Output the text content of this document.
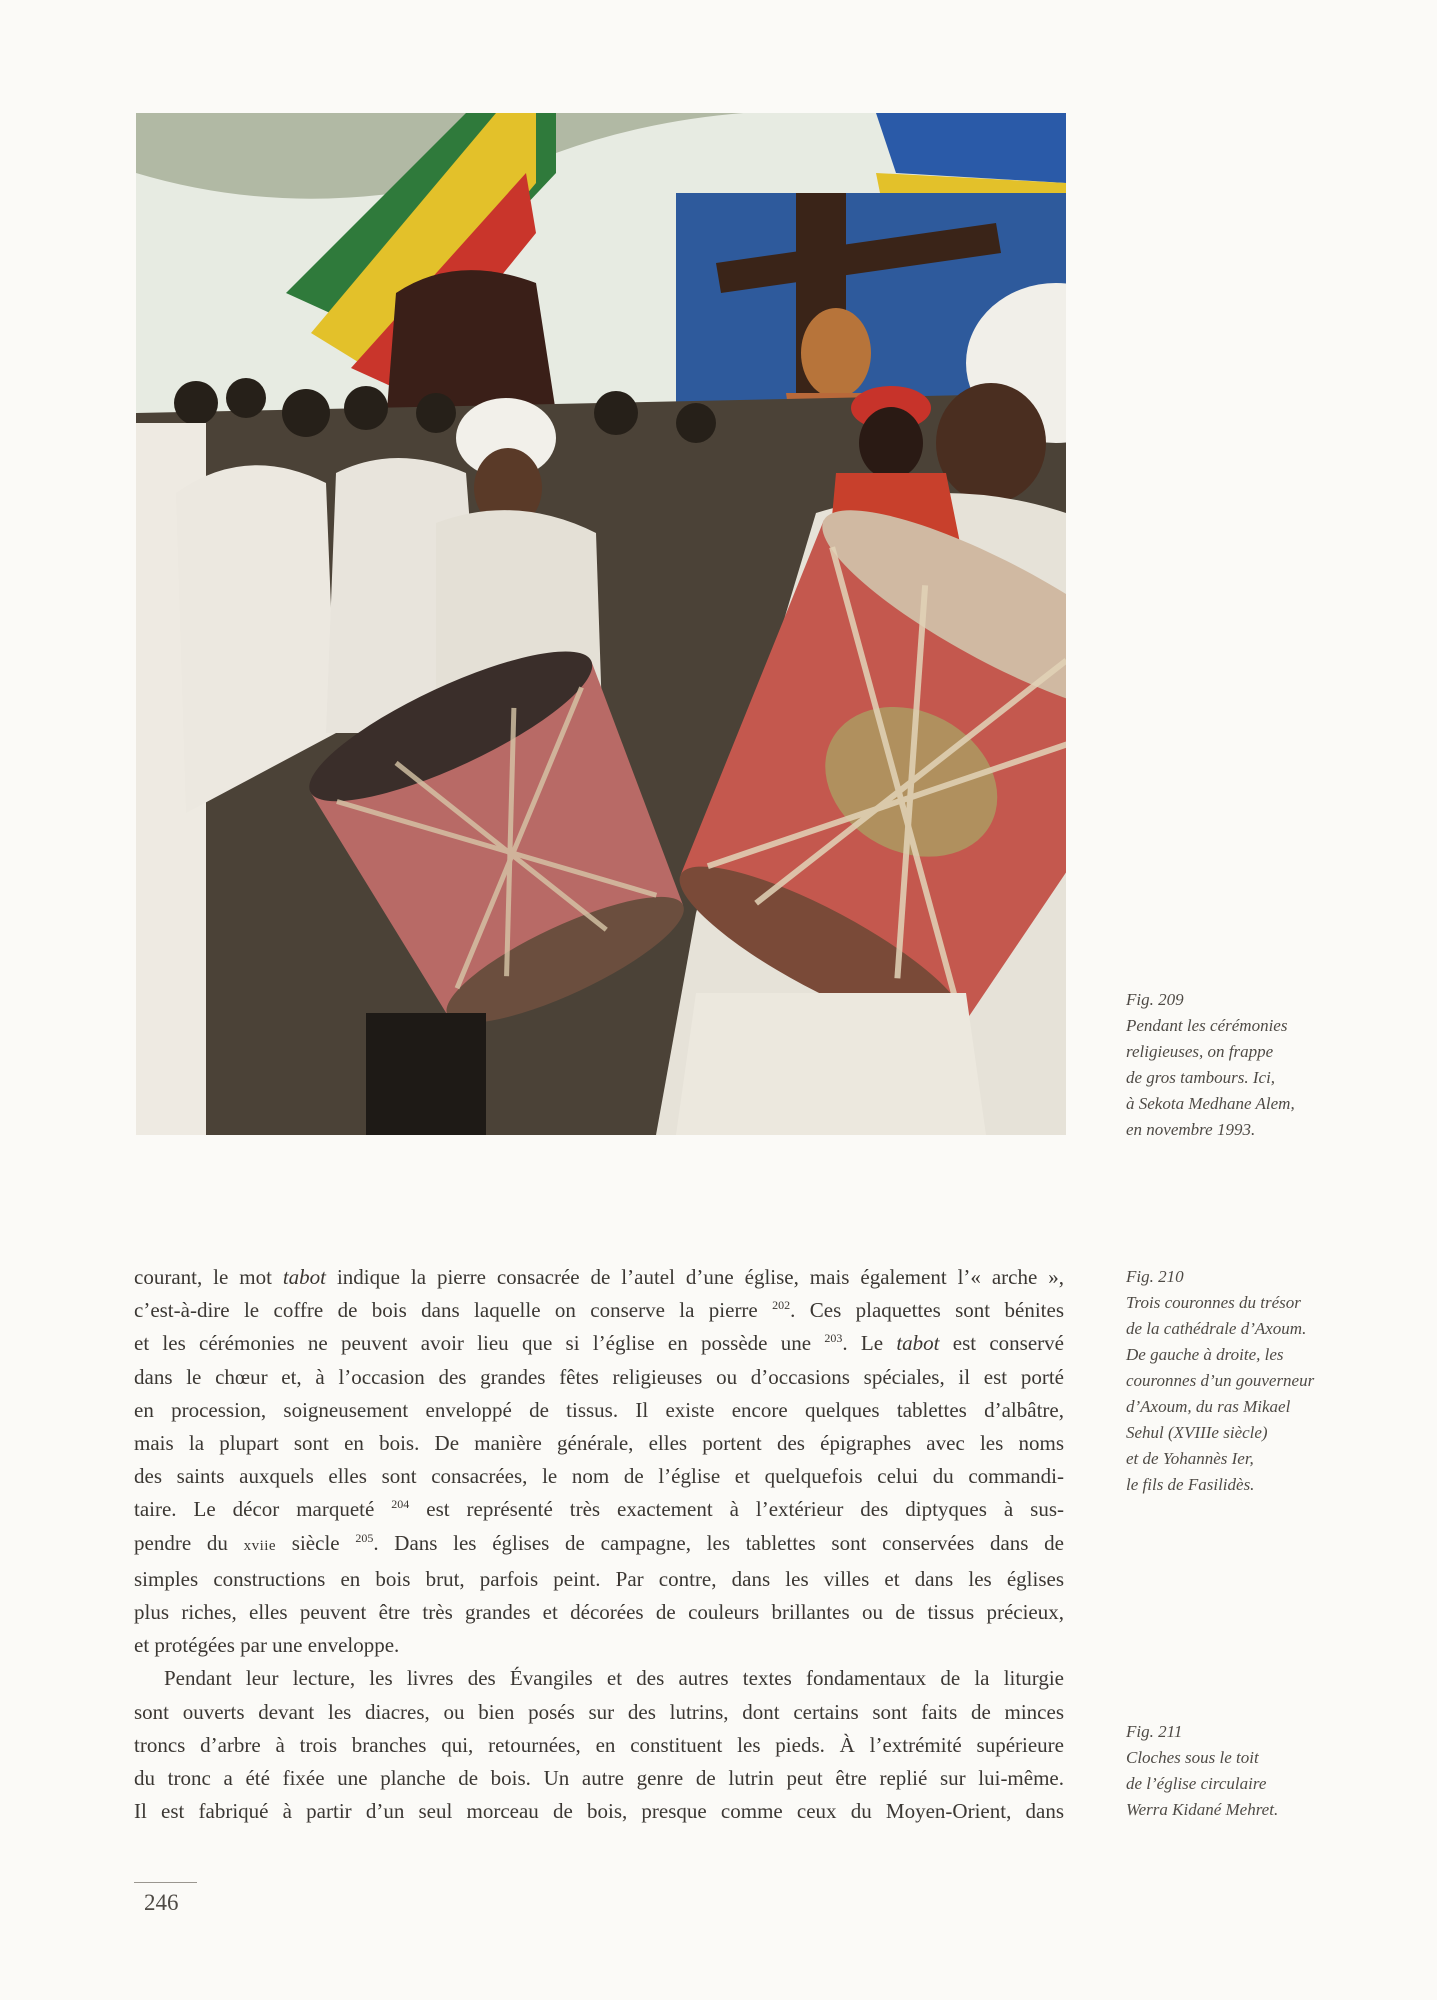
Fig. 209
Pendant les cérémonies
religieuses, on frappe
de gros tambours. Ici,
à Sekota Medhane Alem,
en novembre 1993.
Fig. 210
Trois couronnes du trésor
de la cathédrale d’Axoum.
De gauche à droite, les
couronnes d’un gouverneur
d’Axoum, du ras Mikael
Sehul (XVIIIe siècle)
et de Yohannès Ier,
le fils de Fasilidès.
Fig. 211
Cloches sous le toit
de l’église circulaire
Werra Kidané Mehret.
courant, le mot tabot indique la pierre consacrée de l’autel d’une église, mais également l’« arche »,
c’est-à-dire le coffre de bois dans laquelle on conserve la pierre $^{202}$. Ces plaquettes sont bénites
et les cérémonies ne peuvent avoir lieu que si l’église en possède une $^{203}$. Le tabot est conservé
dans le chœur et, à l’occasion des grandes fêtes religieuses ou d’occasions spéciales, il est porté
en procession, soigneusement enveloppé de tissus. Il existe encore quelques tablettes d’albâtre,
mais la plupart sont en bois. De manière générale, elles portent des épigraphes avec les noms
des saints auxquels elles sont consacrées, le nom de l’église et quelquefois celui du commandi-
taire. Le décor marqueté $^{204}$ est représenté très exactement à l’extérieur des diptyques à sus-
pendre du xviie siècle $^{205}$. Dans les églises de campagne, les tablettes sont conservées dans de
simples constructions en bois brut, parfois peint. Par contre, dans les villes et dans les églises
plus riches, elles peuvent être très grandes et décorées de couleurs brillantes ou de tissus précieux,
et protégées par une enveloppe.
Pendant leur lecture, les livres des Évangiles et des autres textes fondamentaux de la liturgie
sont ouverts devant les diacres, ou bien posés sur des lutrins, dont certains sont faits de minces
troncs d’arbre à trois branches qui, retournées, en constituent les pieds. À l’extrémité supérieure
du tronc a été fixée une planche de bois. Un autre genre de lutrin peut être replié sur lui-même.
Il est fabriqué à partir d’un seul morceau de bois, presque comme ceux du Moyen-Orient, dans
246
